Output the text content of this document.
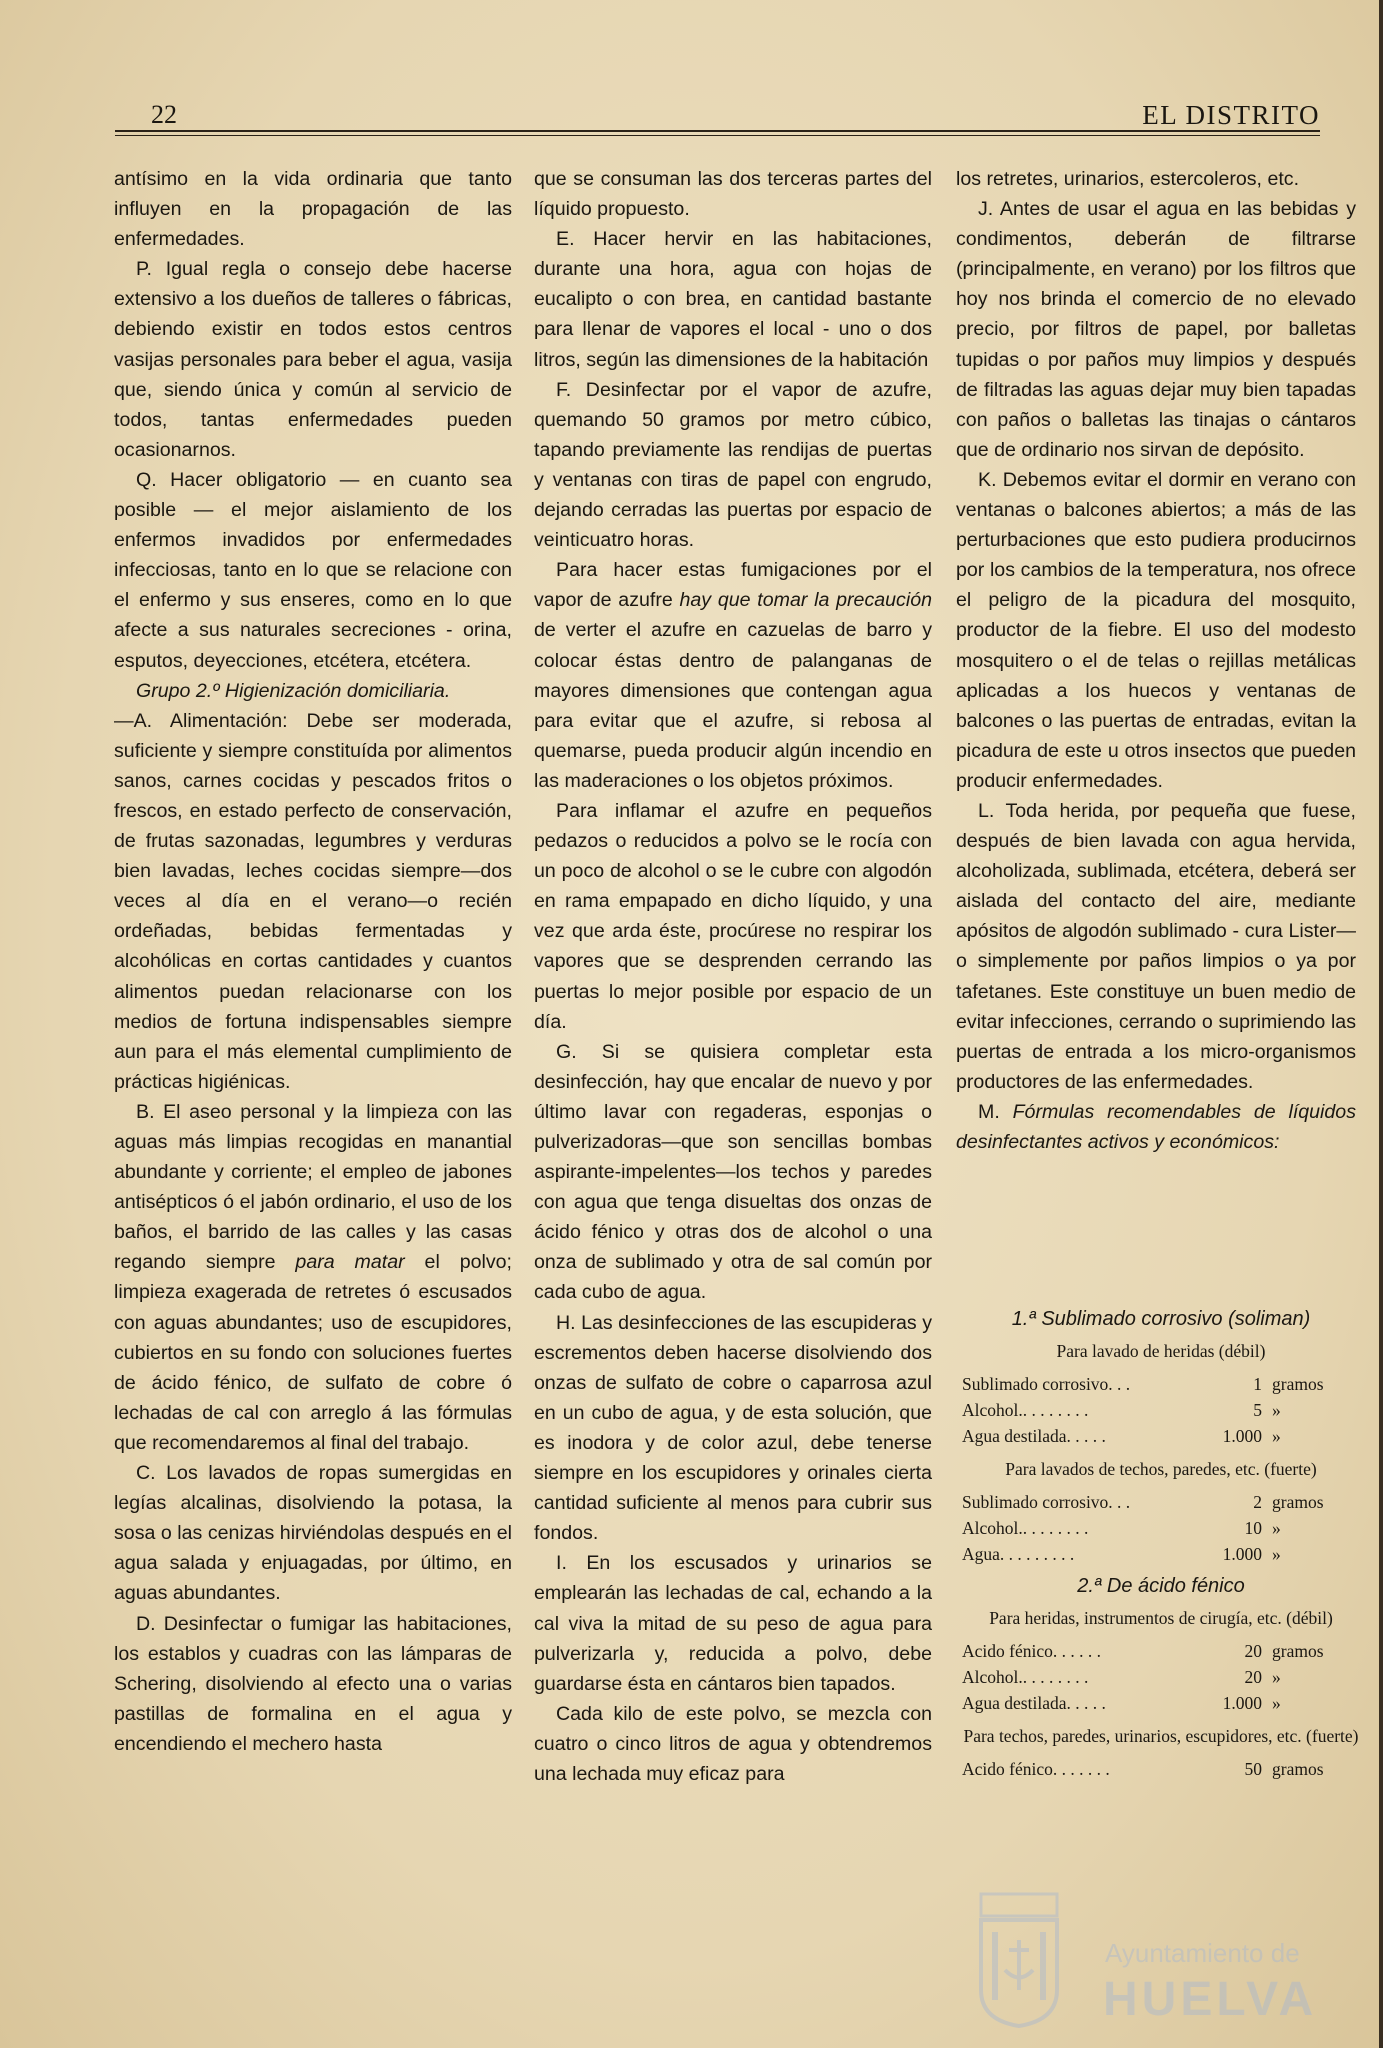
22	EL DISTRITO

antísimo en la vida ordinaria que tanto influyen en la propagación de las enfermedades.

P. Igual regla o consejo debe hacerse extensivo a los dueños de talleres o fábricas, debiendo existir en todos estos centros vasijas personales para beber el agua, vasija que, siendo única y común al servicio de todos, tantas enfermedades pueden ocasionarnos.

Q. Hacer obligatorio — en cuanto sea posible — el mejor aislamiento de los enfermos invadidos por enfermedades infecciosas, tanto en lo que se relacione con el enfermo y sus enseres, como en lo que afecte a sus naturales secreciones - orina, esputos, deyecciones, etcétera, etcétera.

Grupo 2.º Higienización domiciliaria.

—A. Alimentación: Debe ser moderada, suficiente y siempre constituída por alimentos sanos, carnes cocidas y pescados fritos o frescos, en estado perfecto de conservación, de frutas sazonadas, legumbres y verduras bien lavadas, leches cocidas siempre—dos veces al día en el verano—o recién ordeñadas, bebidas fermentadas y alcohólicas en cortas cantidades y cuantos alimentos puedan relacionarse con los medios de fortuna indispensables siempre aun para el más elemental cumplimiento de prácticas higiénicas.

B. El aseo personal y la limpieza con las aguas más limpias recogidas en manantial abundante y corriente; el empleo de jabones antisépticos ó el jabón ordinario, el uso de los baños, el barrido de las calles y las casas regando siempre para matar el polvo; limpieza exagerada de retretes ó escusados con aguas abundantes; uso de escupidores, cubiertos en su fondo con soluciones fuertes de ácido fénico, de sulfato de cobre ó lechadas de cal con arreglo á las fórmulas que recomendaremos al final del trabajo.

C. Los lavados de ropas sumergidas en legías alcalinas, disolviendo la potasa, la sosa o las cenizas hirviéndolas después en el agua salada y enjuagadas, por último, en aguas abundantes.

D. Desinfectar o fumigar las habitaciones, los establos y cuadras con las lámparas de Schering, disolviendo al efecto una o varias pastillas de formalina en el agua y encendiendo el mechero hasta

que se consuman las dos terceras partes del líquido propuesto.

E. Hacer hervir en las habitaciones, durante una hora, agua con hojas de eucalipto o con brea, en cantidad bastante para llenar de vapores el local - uno o dos litros, según las dimensiones de la habitación

F. Desinfectar por el vapor de azufre, quemando 50 gramos por metro cúbico, tapando previamente las rendijas de puertas y ventanas con tiras de papel con engrudo, dejando cerradas las puertas por espacio de veinticuatro horas.

Para hacer estas fumigaciones por el vapor de azufre hay que tomar la precaución de verter el azufre en cazuelas de barro y colocar éstas dentro de palanganas de mayores dimensiones que contengan agua para evitar que el azufre, si rebosa al quemarse, pueda producir algún incendio en las maderaciones o los objetos próximos.

Para inflamar el azufre en pequeños pedazos o reducidos a polvo se le rocía con un poco de alcohol o se le cubre con algodón en rama empapado en dicho líquido, y una vez que arda éste, procúrese no respirar los vapores que se desprenden cerrando las puertas lo mejor posible por espacio de un día.

G. Si se quisiera completar esta desinfección, hay que encalar de nuevo y por último lavar con regaderas, esponjas o pulverizadoras—que son sencillas bombas aspirante-impelentes—los techos y paredes con agua que tenga disueltas dos onzas de ácido fénico y otras dos de alcohol o una onza de sublimado y otra de sal común por cada cubo de agua.

H. Las desinfecciones de las escupideras y escrementos deben hacerse disolviendo dos onzas de sulfato de cobre o caparrosa azul en un cubo de agua, y de esta solución, que es inodora y de color azul, debe tenerse siempre en los escupidores y orinales cierta cantidad suficiente al menos para cubrir sus fondos.

I. En los escusados y urinarios se emplearán las lechadas de cal, echando a la cal viva la mitad de su peso de agua para pulverizarla y, reducida a polvo, debe guardarse ésta en cántaros bien tapados.

Cada kilo de este polvo, se mezcla con cuatro o cinco litros de agua y obtendremos una lechada muy eficaz para

los retretes, urinarios, estercoleros, etc.

J. Antes de usar el agua en las bebidas y condimentos, deberán de filtrarse (principalmente, en verano) por los filtros que hoy nos brinda el comercio de no elevado precio, por filtros de papel, por balletas tupidas o por paños muy limpios y después de filtradas las aguas dejar muy bien tapadas con paños o balletas las tinajas o cántaros que de ordinario nos sirvan de depósito.

K. Debemos evitar el dormir en verano con ventanas o balcones abiertos; a más de las perturbaciones que esto pudiera producirnos por los cambios de la temperatura, nos ofrece el peligro de la picadura del mosquito, productor de la fiebre. El uso del modesto mosquitero o el de telas o rejillas metálicas aplicadas a los huecos y ventanas de balcones o las puertas de entradas, evitan la picadura de este u otros insectos que pueden producir enfermedades.

L. Toda herida, por pequeña que fuese, después de bien lavada con agua hervida, alcoholizada, sublimada, etcétera, deberá ser aislada del contacto del aire, mediante apósitos de algodón sublimado - cura Lister—o simplemente por paños limpios o ya por tafetanes. Este constituye un buen medio de evitar infecciones, cerrando o suprimiendo las puertas de entrada a los micro-organismos productores de las enfermedades.

M. Fórmulas recomendables de líquidos desinfectantes activos y económicos:

1.ª Sublimado corrosivo (soliman)

Para lavado de heridas (débil)

Sublimado corrosivo. . .	1 gramos
Alcohol.. . . . . . . .	5 »
Agua destilada. . . . .	1.000 »

Para lavados de techos, paredes, etc. (fuerte)

Sublimado corrosivo. . .	2 gramos
Alcohol.. . . . . . . .	10 »
Agua. . . . . . . . .	1.000 »

2.ª De ácido fénico

Para heridas, instrumentos de cirugía, etc. (débil)

Acido fénico. . . . . .	20 gramos
Alcohol.. . . . . . . .	20 »
Agua destilada. . . . .	1.000 »

Para techos, paredes, urinarios, escupidores, etc. (fuerte)

Acido fénico. . . . . . .	50 gramos
Ayuntamiento de
HUELVA
